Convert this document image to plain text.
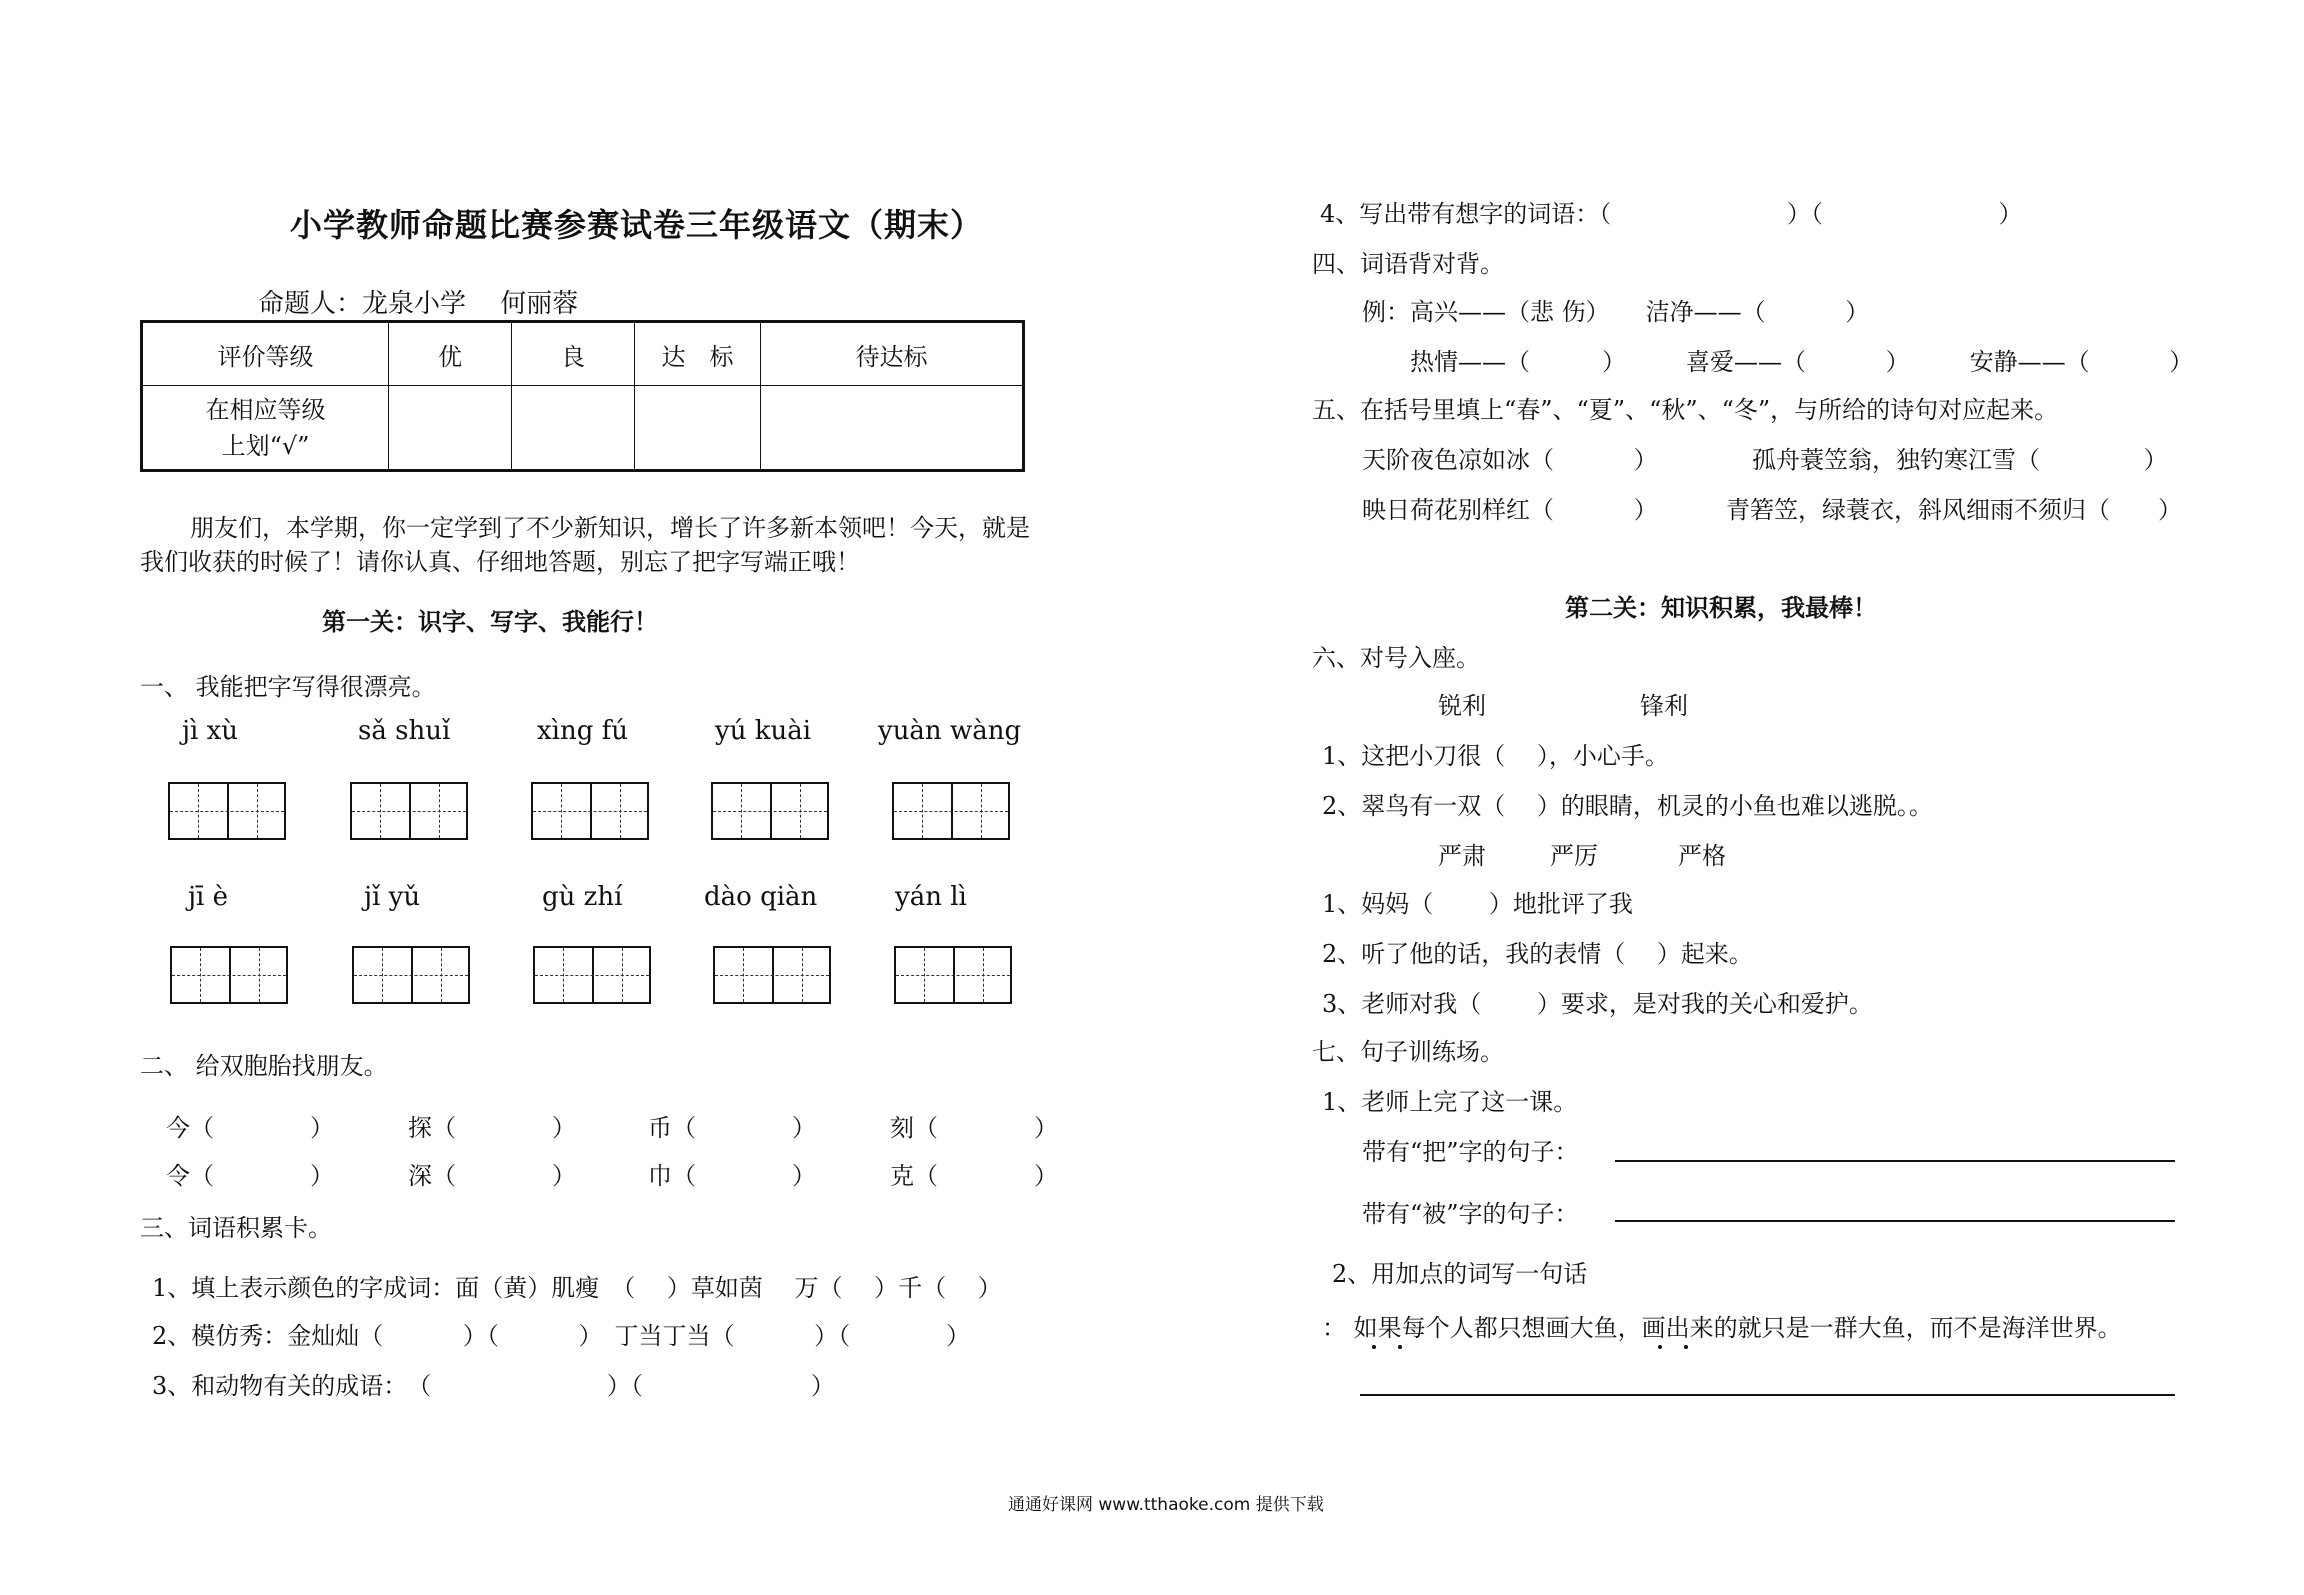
小学教师命题比赛参赛试卷三年级语文（期末）
命题人：龙泉小学　 何丽蓉
评价等级	优	良	达　标	待达标

在相应等级
上划“√”				

朋友们，本学期，你一定学到了不少新知识，增长了许多新本领吧！今天，就是
我们收获的时候了！请你认真、仔细地答题，别忘了把字写端正哦！
第一关：识字、写字、我能行！
一、 我能把字写得很漂亮。
jì xù	sǎ shuǐ	xìng fú	yú kuài	yuàn wàng
jī è	jǐ yǔ	gù zhí	dào qiàn	yán lì
二、 给双胞胎找朋友。
今（　　　　）	探（　　　　）	币（　　　　）	刻（　　　　）
令（　　　　）	深（　　　　）	巾（　　　　）	克（　　　　）
三、词语积累卡。
1、填上表示颜色的字成词：面（黄）肌瘦　（　 ）草如茵　 万（　 ）千（　 ）
2、模仿秀：金灿灿（　　　 ）（　　　 ）　丁当丁当（　　　 ）（　　　　）
3、和动物有关的成语：　（　　　　　　　 ）（　　　　　　　）
4、写出带有想字的词语：（　　　　　　　 ）（　　　　　　　 ）
四、词语背对背。
例：高兴——（悲 伤）　　洁净——（　　　 ）
热情——（　　　）　　　喜爱——（　　　 ）　　　安静——（　　　 ）
五、在括号里填上“春”、“夏”、“秋”、“冬”，与所给的诗句对应起来。
天阶夜色凉如冰（　　　 ）	孤舟蓑笠翁，独钓寒江雪（　　　　 ）
映日荷花别样红（　　　 ）	青箬笠，绿蓑衣，斜风细雨不须归（　　）
第二关：知识积累，我最棒！
六、对号入座。
锐利	锋利
1、这把小刀很（　 ），小心手。
2、翠鸟有一双（　 ）的眼睛，机灵的小鱼也难以逃脱。。
严肃	严厉	严格
1、妈妈（　　 ）地批评了我
2、听了他的话，我的表情（　 ）起来。
3、老师对我（　　 ）要求，是对我的关心和爱护。
七、句子训练场。
1、老师上完了这一课。
带有“把”字的句子：
带有“被”字的句子：
2、用加点的词写一句话
： 如果每个人都只想画大鱼，画出来的就只是一群大鱼，而不是海洋世界。
通通好课网 www.tthaoke.com 提供下载
